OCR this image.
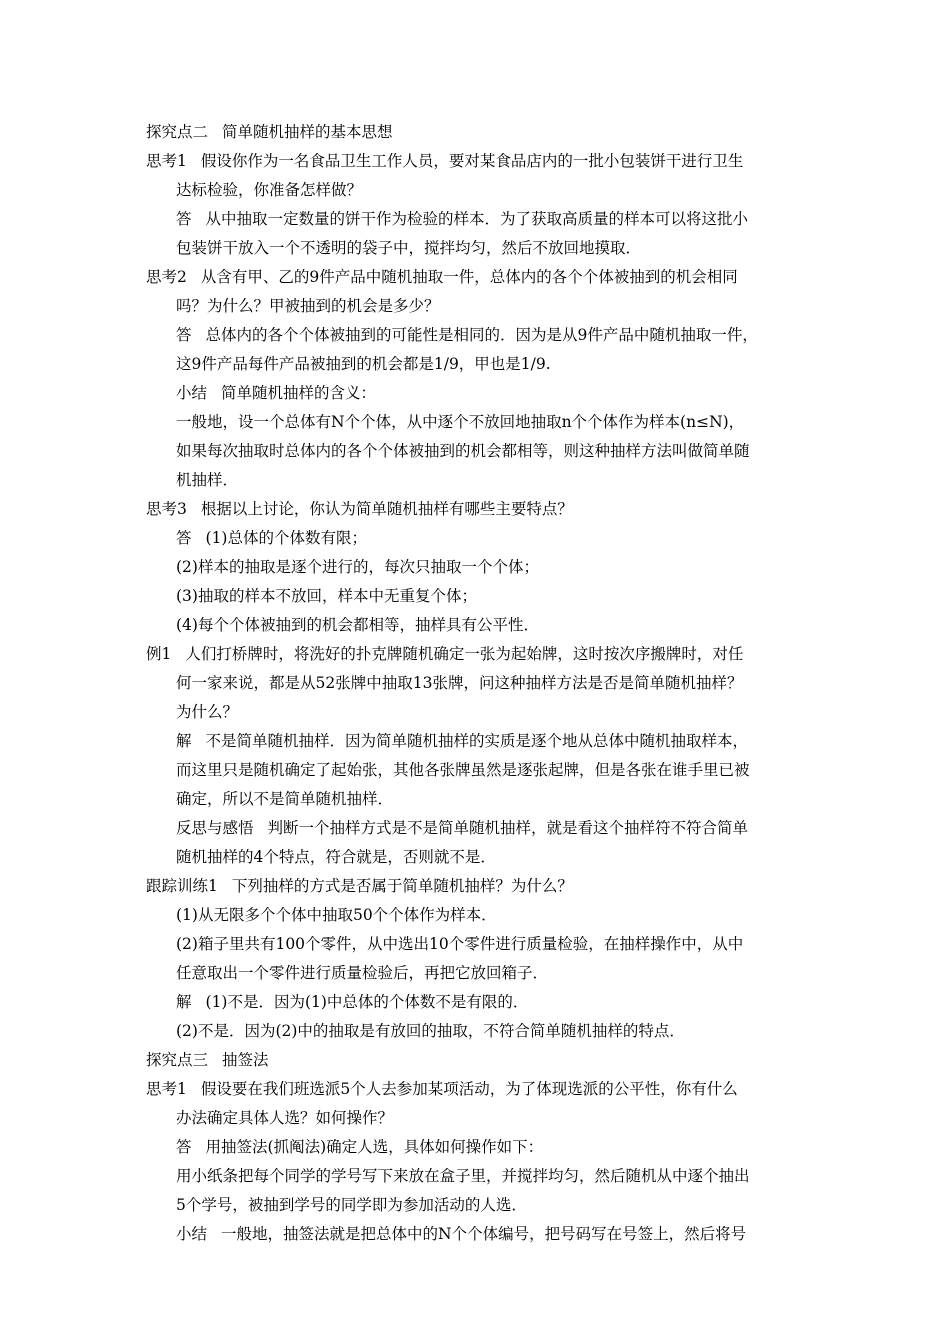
探究点二 简单随机抽样的基本思想
思考1 假设你作为一名食品卫生工作人员，要对某食品店内的一批小包装饼干进行卫生
达标检验，你准备怎样做？
答 从中抽取一定数量的饼干作为检验的样本．为了获取高质量的样本可以将这批小
包装饼干放入一个不透明的袋子中，搅拌均匀，然后不放回地摸取．
思考2 从含有甲、乙的9件产品中随机抽取一件，总体内的各个个体被抽到的机会相同
吗？为什么？甲被抽到的机会是多少？
答 总体内的各个个体被抽到的可能性是相同的．因为是从9件产品中随机抽取一件，
这9件产品每件产品被抽到的机会都是1/9，甲也是1/9.
小结 简单随机抽样的含义：
一般地，设一个总体有N个个体，从中逐个不放回地抽取n个个体作为样本(n≤N)，
如果每次抽取时总体内的各个个体被抽到的机会都相等，则这种抽样方法叫做简单随
机抽样．
思考3 根据以上讨论，你认为简单随机抽样有哪些主要特点？
答 (1)总体的个体数有限；
(2)样本的抽取是逐个进行的，每次只抽取一个个体；
(3)抽取的样本不放回，样本中无重复个体；
(4)每个个体被抽到的机会都相等，抽样具有公平性．
例1 人们打桥牌时，将洗好的扑克牌随机确定一张为起始牌，这时按次序搬牌时，对任
何一家来说，都是从52张牌中抽取13张牌，问这种抽样方法是否是简单随机抽样？
为什么？
解 不是简单随机抽样．因为简单随机抽样的实质是逐个地从总体中随机抽取样本，
而这里只是随机确定了起始张，其他各张牌虽然是逐张起牌，但是各张在谁手里已被
确定，所以不是简单随机抽样．
反思与感悟 判断一个抽样方式是不是简单随机抽样，就是看这个抽样符不符合简单
随机抽样的4个特点，符合就是，否则就不是．
跟踪训练1 下列抽样的方式是否属于简单随机抽样？为什么？
(1)从无限多个个体中抽取50个个体作为样本．
(2)箱子里共有100个零件，从中选出10个零件进行质量检验，在抽样操作中，从中
任意取出一个零件进行质量检验后，再把它放回箱子．
解 (1)不是．因为(1)中总体的个体数不是有限的．
(2)不是．因为(2)中的抽取是有放回的抽取，不符合简单随机抽样的特点．
探究点三 抽签法
思考1 假设要在我们班选派5个人去参加某项活动，为了体现选派的公平性，你有什么
办法确定具体人选？如何操作？
答 用抽签法(抓阄法)确定人选，具体如何操作如下：
用小纸条把每个同学的学号写下来放在盒子里，并搅拌均匀，然后随机从中逐个抽出
5个学号，被抽到学号的同学即为参加活动的人选．
小结 一般地，抽签法就是把总体中的N个个体编号，把号码写在号签上，然后将号
